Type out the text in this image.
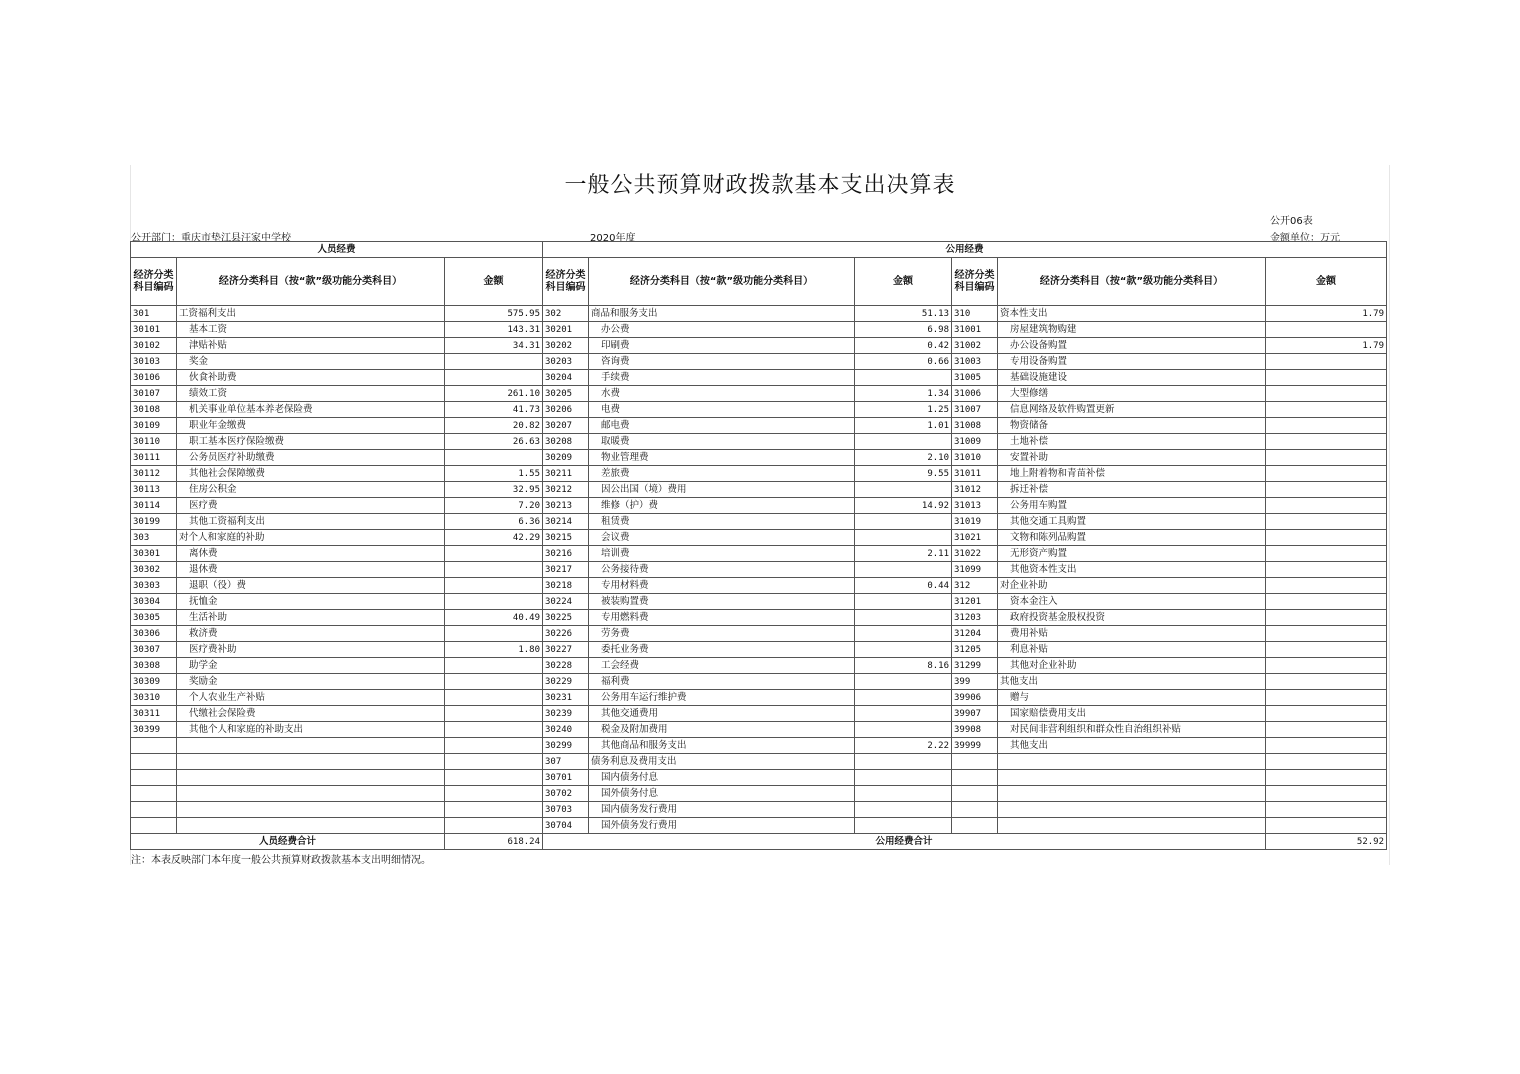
一般公共预算财政拨款基本支出决算表
公开06表
公开部门：重庆市垫江县汪家中学校	2020年度	金额单位：万元
人员经费			公用经费					
经济分类科目编码	经济分类科目（按“款”级功能分类科目）	金额	经济分类科目编码	经济分类科目（按“款”级功能分类科目）	金额	经济分类科目编码	经济分类科目（按“款”级功能分类科目）	金额
301	工资福利支出	575.95	302	商品和服务支出	51.13	310	资本性支出	1.79
30101	基本工资	143.31	30201	办公费	6.98	31001	房屋建筑物购建	
30102	津贴补贴	34.31	30202	印刷费	0.42	31002	办公设备购置	1.79
30103	奖金		30203	咨询费	0.66	31003	专用设备购置	
30106	伙食补助费		30204	手续费		31005	基础设施建设	
30107	绩效工资	261.10	30205	水费	1.34	31006	大型修缮	
30108	机关事业单位基本养老保险费	41.73	30206	电费	1.25	31007	信息网络及软件购置更新	
30109	职业年金缴费	20.82	30207	邮电费	1.01	31008	物资储备	
30110	职工基本医疗保险缴费	26.63	30208	取暖费		31009	土地补偿	
30111	公务员医疗补助缴费		30209	物业管理费	2.10	31010	安置补助	
30112	其他社会保障缴费	1.55	30211	差旅费	9.55	31011	地上附着物和青苗补偿	
30113	住房公积金	32.95	30212	因公出国（境）费用		31012	拆迁补偿	
30114	医疗费	7.20	30213	维修（护）费	14.92	31013	公务用车购置	
30199	其他工资福利支出	6.36	30214	租赁费		31019	其他交通工具购置	
303	对个人和家庭的补助	42.29	30215	会议费		31021	文物和陈列品购置	
30301	离休费		30216	培训费	2.11	31022	无形资产购置	
30302	退休费		30217	公务接待费		31099	其他资本性支出	
30303	退职（役）费		30218	专用材料费	0.44	312	对企业补助	
30304	抚恤金		30224	被装购置费		31201	资本金注入	
30305	生活补助	40.49	30225	专用燃料费		31203	政府投资基金股权投资	
30306	救济费		30226	劳务费		31204	费用补贴	
30307	医疗费补助	1.80	30227	委托业务费		31205	利息补贴	
30308	助学金		30228	工会经费	8.16	31299	其他对企业补助	
30309	奖励金		30229	福利费		399	其他支出	
30310	个人农业生产补贴		30231	公务用车运行维护费		39906	赠与	
30311	代缴社会保险费		30239	其他交通费用		39907	国家赔偿费用支出	
30399	其他个人和家庭的补助支出		30240	税金及附加费用		39908	对民间非营利组织和群众性自治组织补贴	
			30299	其他商品和服务支出	2.22	39999	其他支出	
			307	债务利息及费用支出				
			30701	国内债务付息				
			30702	国外债务付息				
			30703	国内债务发行费用				
			30704	国外债务发行费用				
人员经费合计		618.24	公用经费合计					52.92
注：本表反映部门本年度一般公共预算财政拨款基本支出明细情况。
